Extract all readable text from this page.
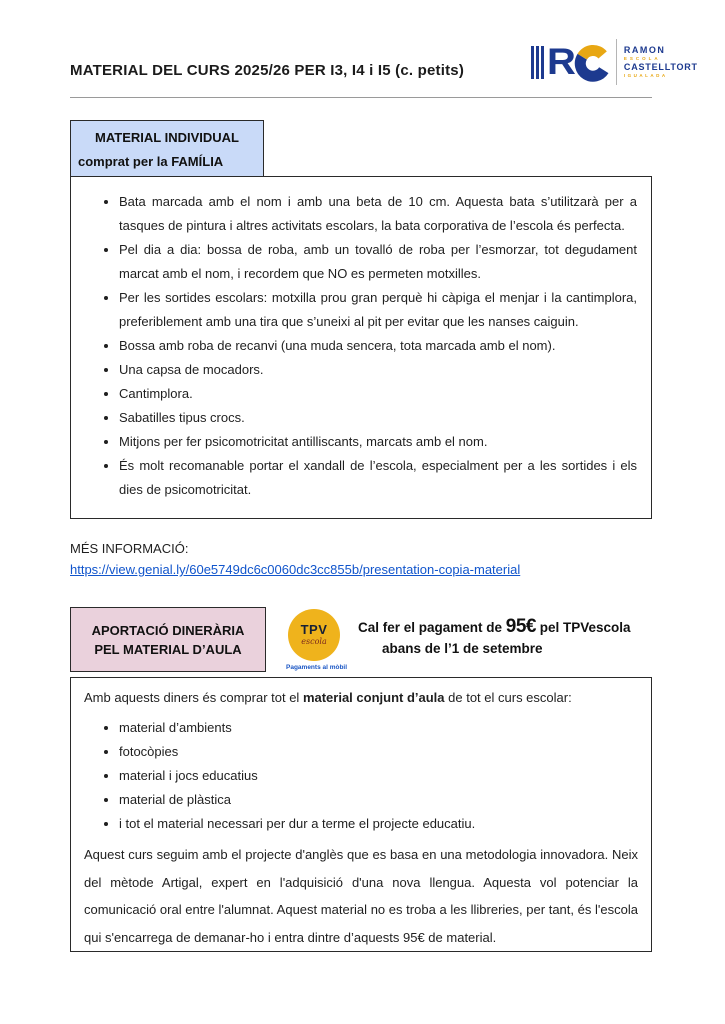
MATERIAL DEL CURS 2025/26 PER I3, I4 i I5 (c. petits)	R	RAMON
ESCOLA
CASTELLTORT
IGUALADA
MATERIAL INDIVIDUAL
comprat per la FAMÍLIA
• Bata marcada amb el nom i amb una beta de 10 cm. Aquesta bata s’utilitzarà per a tasques de pintura i altres activitats escolars, la bata corporativa de l’escola és perfecta.
• Pel dia a dia: bossa de roba, amb un tovalló de roba per l’esmorzar, tot degudament marcat amb el nom, i recordem que NO es permeten motxilles.
• Per les sortides escolars: motxilla prou gran perquè hi càpiga el menjar i la cantimplora, preferiblement amb una tira que s’uneixi al pit per evitar que les nanses caiguin.
• Bossa amb roba de recanvi (una muda sencera, tota marcada amb el nom).
• Una capsa de mocadors.
• Cantimplora.
• Sabatilles tipus crocs.
• Mitjons per fer psicomotricitat antilliscants, marcats amb el nom.
• És molt recomanable portar el xandall de l’escola, especialment per a les sortides i els dies de psicomotricitat.
MÉS INFORMACIÓ:
https://view.genial.ly/60e5749dc6c0060dc3cc855b/presentation-copia-material
APORTACIÓ DINERÀRIA
PEL MATERIAL D’AULA
TPV
escola
Pagaments al mòbil
Cal fer el pagament de 95€ pel TPVescola
abans de l’1 de setembre
Amb aquests diners és comprar tot el material conjunt d’aula de tot el curs escolar:
• material d’ambients
• fotocòpies
• material i jocs educatius
• material de plàstica
• i tot el material necessari per dur a terme el projecte educatiu.

Aquest curs seguim amb el projecte d'anglès que es basa en una metodologia innovadora. Neix del mètode Artigal, expert en l'adquisició d'una nova llengua. Aquesta vol potenciar la comunicació oral entre l'alumnat. Aquest material no es troba a les llibreries, per tant, és l'escola qui s'encarrega de demanar-ho i entra dintre d’aquests 95€ de material.
